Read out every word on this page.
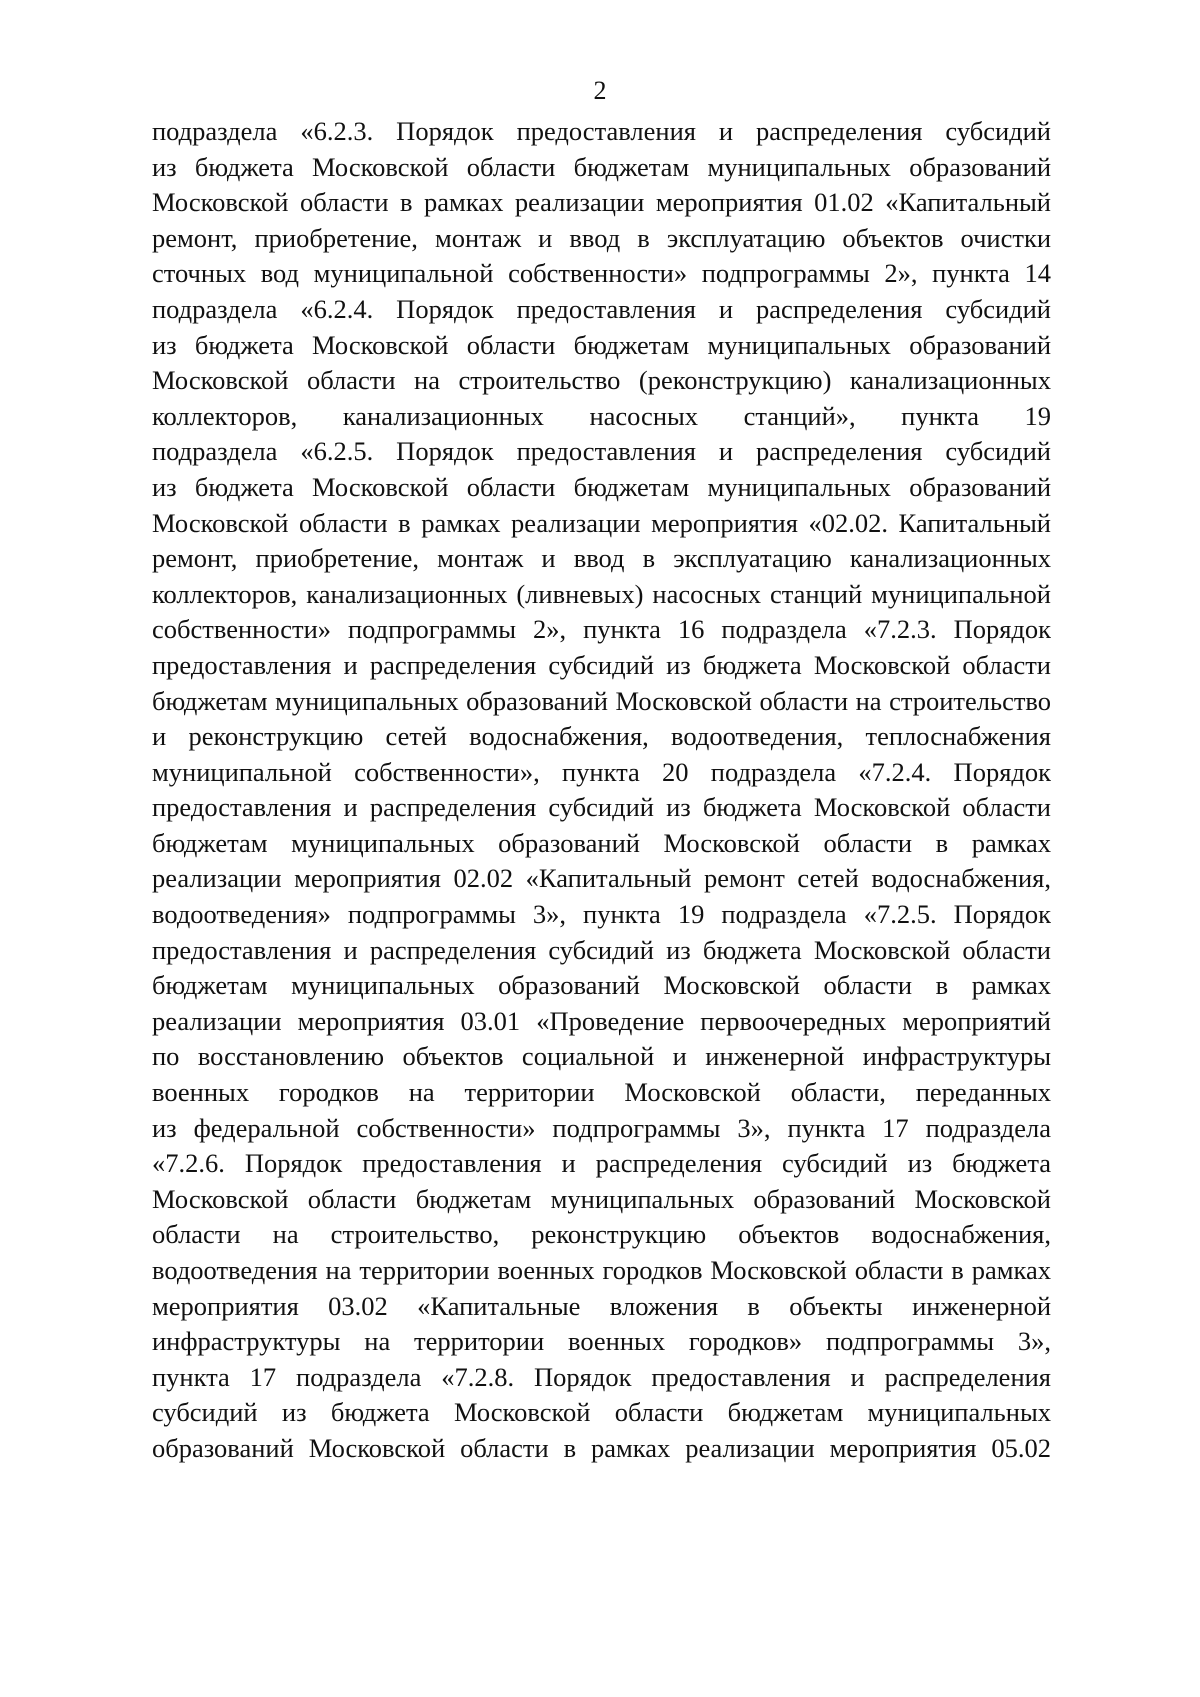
2
подраздела «6.2.3. Порядок предоставления и распределения субсидий
из бюджета Московской области бюджетам муниципальных образований
Московской области в рамках реализации мероприятия 01.02 «Капитальный
ремонт, приобретение, монтаж и ввод в эксплуатацию объектов очистки
сточных вод муниципальной собственности» подпрограммы 2», пункта 14
подраздела «6.2.4. Порядок предоставления и распределения субсидий
из бюджета Московской области бюджетам муниципальных образований
Московской области на строительство (реконструкцию) канализационных
коллекторов, канализационных насосных станций», пункта 19
подраздела «6.2.5. Порядок предоставления и распределения субсидий
из бюджета Московской области бюджетам муниципальных образований
Московской области в рамках реализации мероприятия «02.02. Капитальный
ремонт, приобретение, монтаж и ввод в эксплуатацию канализационных
коллекторов, канализационных (ливневых) насосных станций муниципальной
собственности» подпрограммы 2», пункта 16 подраздела «7.2.3. Порядок
предоставления и распределения субсидий из бюджета Московской области
бюджетам муниципальных образований Московской области на строительство
и реконструкцию сетей водоснабжения, водоотведения, теплоснабжения
муниципальной собственности», пункта 20 подраздела «7.2.4. Порядок
предоставления и распределения субсидий из бюджета Московской области
бюджетам муниципальных образований Московской области в рамках
реализации мероприятия 02.02 «Капитальный ремонт сетей водоснабжения,
водоотведения» подпрограммы 3», пункта 19 подраздела «7.2.5. Порядок
предоставления и распределения субсидий из бюджета Московской области
бюджетам муниципальных образований Московской области в рамках
реализации мероприятия 03.01 «Проведение первоочередных мероприятий
по восстановлению объектов социальной и инженерной инфраструктуры
военных городков на территории Московской области, переданных
из федеральной собственности» подпрограммы 3», пункта 17 подраздела
«7.2.6. Порядок предоставления и распределения субсидий из бюджета
Московской области бюджетам муниципальных образований Московской
области на строительство, реконструкцию объектов водоснабжения,
водоотведения на территории военных городков Московской области в рамках
мероприятия 03.02 «Капитальные вложения в объекты инженерной
инфраструктуры на территории военных городков» подпрограммы 3»,
пункта 17 подраздела «7.2.8. Порядок предоставления и распределения
субсидий из бюджета Московской области бюджетам муниципальных
образований Московской области в рамках реализации мероприятия 05.02
